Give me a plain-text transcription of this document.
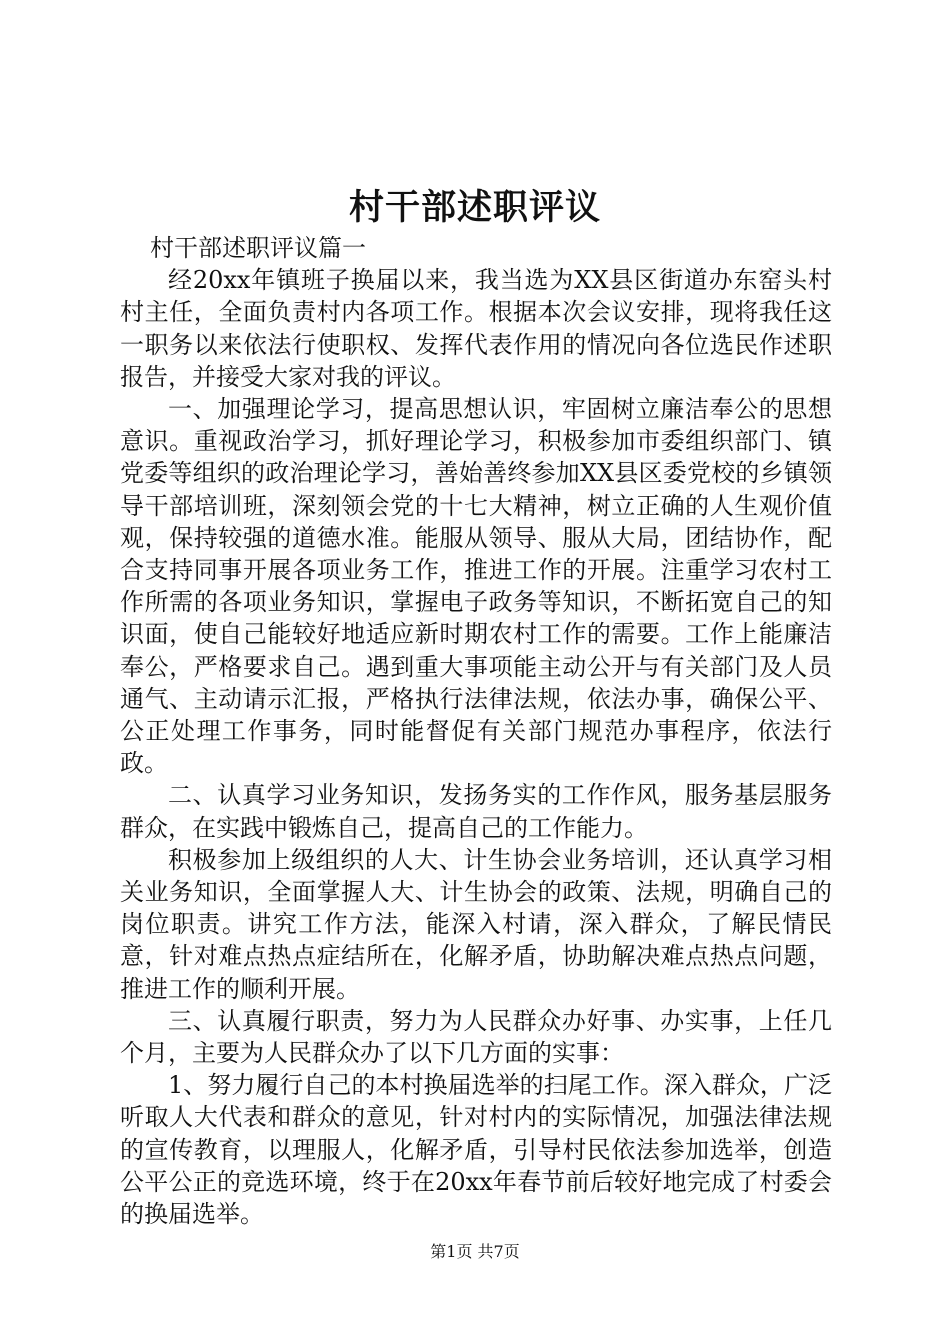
村干部述职评议

村干部述职评议篇一

经20xx年镇班子换届以来，我当选为XX县区街道办东窑头村村主任，全面负责村内各项工作。根据本次会议安排，现将我任这一职务以来依法行使职权、发挥代表作用的情况向各位选民作述职报告，并接受大家对我的评议。

一、加强理论学习，提高思想认识，牢固树立廉洁奉公的思想意识。重视政治学习，抓好理论学习，积极参加市委组织部门、镇党委等组织的政治理论学习，善始善终参加XX县区委党校的乡镇领导干部培训班，深刻领会党的十七大精神，树立正确的人生观价值观，保持较强的道德水准。能服从领导、服从大局，团结协作，配合支持同事开展各项业务工作，推进工作的开展。注重学习农村工作所需的各项业务知识，掌握电子政务等知识，不断拓宽自己的知识面，使自己能较好地适应新时期农村工作的需要。工作上能廉洁奉公，严格要求自己。遇到重大事项能主动公开与有关部门及人员通气、主动请示汇报，严格执行法律法规，依法办事，确保公平、公正处理工作事务，同时能督促有关部门规范办事程序，依法行政。

二、认真学习业务知识，发扬务实的工作作风，服务基层服务群众，在实践中锻炼自己，提高自己的工作能力。

积极参加上级组织的人大、计生协会业务培训，还认真学习相关业务知识，全面掌握人大、计生协会的政策、法规，明确自己的岗位职责。讲究工作方法，能深入村请，深入群众，了解民情民意，针对难点热点症结所在，化解矛盾，协助解决难点热点问题，推进工作的顺利开展。

三、认真履行职责，努力为人民群众办好事、办实事，上任几个月，主要为人民群众办了以下几方面的实事：

1、努力履行自己的本村换届选举的扫尾工作。深入群众，广泛听取人大代表和群众的意见，针对村内的实际情况，加强法律法规的宣传教育，以理服人，化解矛盾，引导村民依法参加选举，创造公平公正的竞选环境，终于在20xx年春节前后较好地完成了村委会的换届选举。

第1页 共7页
